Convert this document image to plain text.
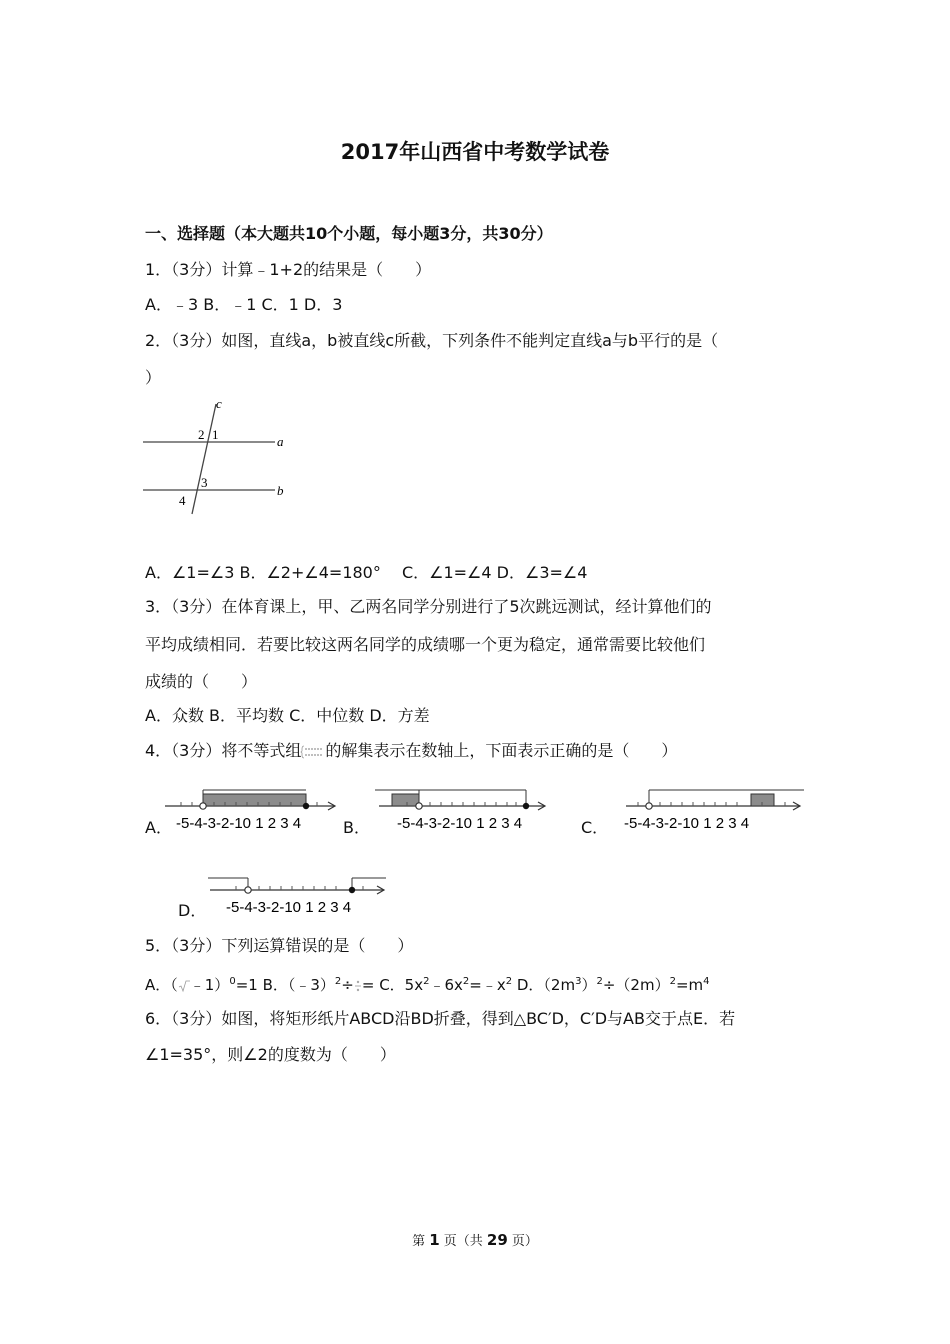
2017年山西省中考数学试卷
一、选择题（本大题共10个小题，每小题3分，共30分）
1．（3分）计算﹣1+2的结果是（　　）
A．﹣3 B．﹣1 C．1 D．3
2．（3分）如图，直线a，b被直线c所截，下列条件不能判定直线a与b平行的是（
）
c
a
b
2 1
3
4
A．∠1=∠3 B．∠2+∠4=180°　 C．∠1=∠4 D．∠3=∠4
3．（3分）在体育课上，甲、乙两名同学分别进行了5次跳远测试，经计算他们的
平均成绩相同．若要比较这两名同学的成绩哪一个更为稳定，通常需要比较他们
成绩的（　　）
A．众数 B．平均数 C．中位数 D．方差
4．（3分）将不等式组 的解集表示在数轴上，下面表示正确的是（　　）
A． -5-4-3-2-10 1 2 3 4	B． -5-4-3-2-10 1 2 3 4	C． -5-4-3-2-10 1 2 3 4
D． -5-4-3-2-10 1 2 3 4
5．（3分）下列运算错误的是（　　）
A．（ ﹣1）$^0$=1 B．（﹣3）$^2$÷ = C．$5x^2﹣6x^2=﹣x^2$ D．$(2m^3)^2\div(2m)^2=m^4$
6．（3分）如图，将矩形纸片ABCD沿BD折叠，得到△BC′D，C′D与AB交于点E．若
∠1=35°，则∠2的度数为（　　）
第 1 页（共 29 页）
